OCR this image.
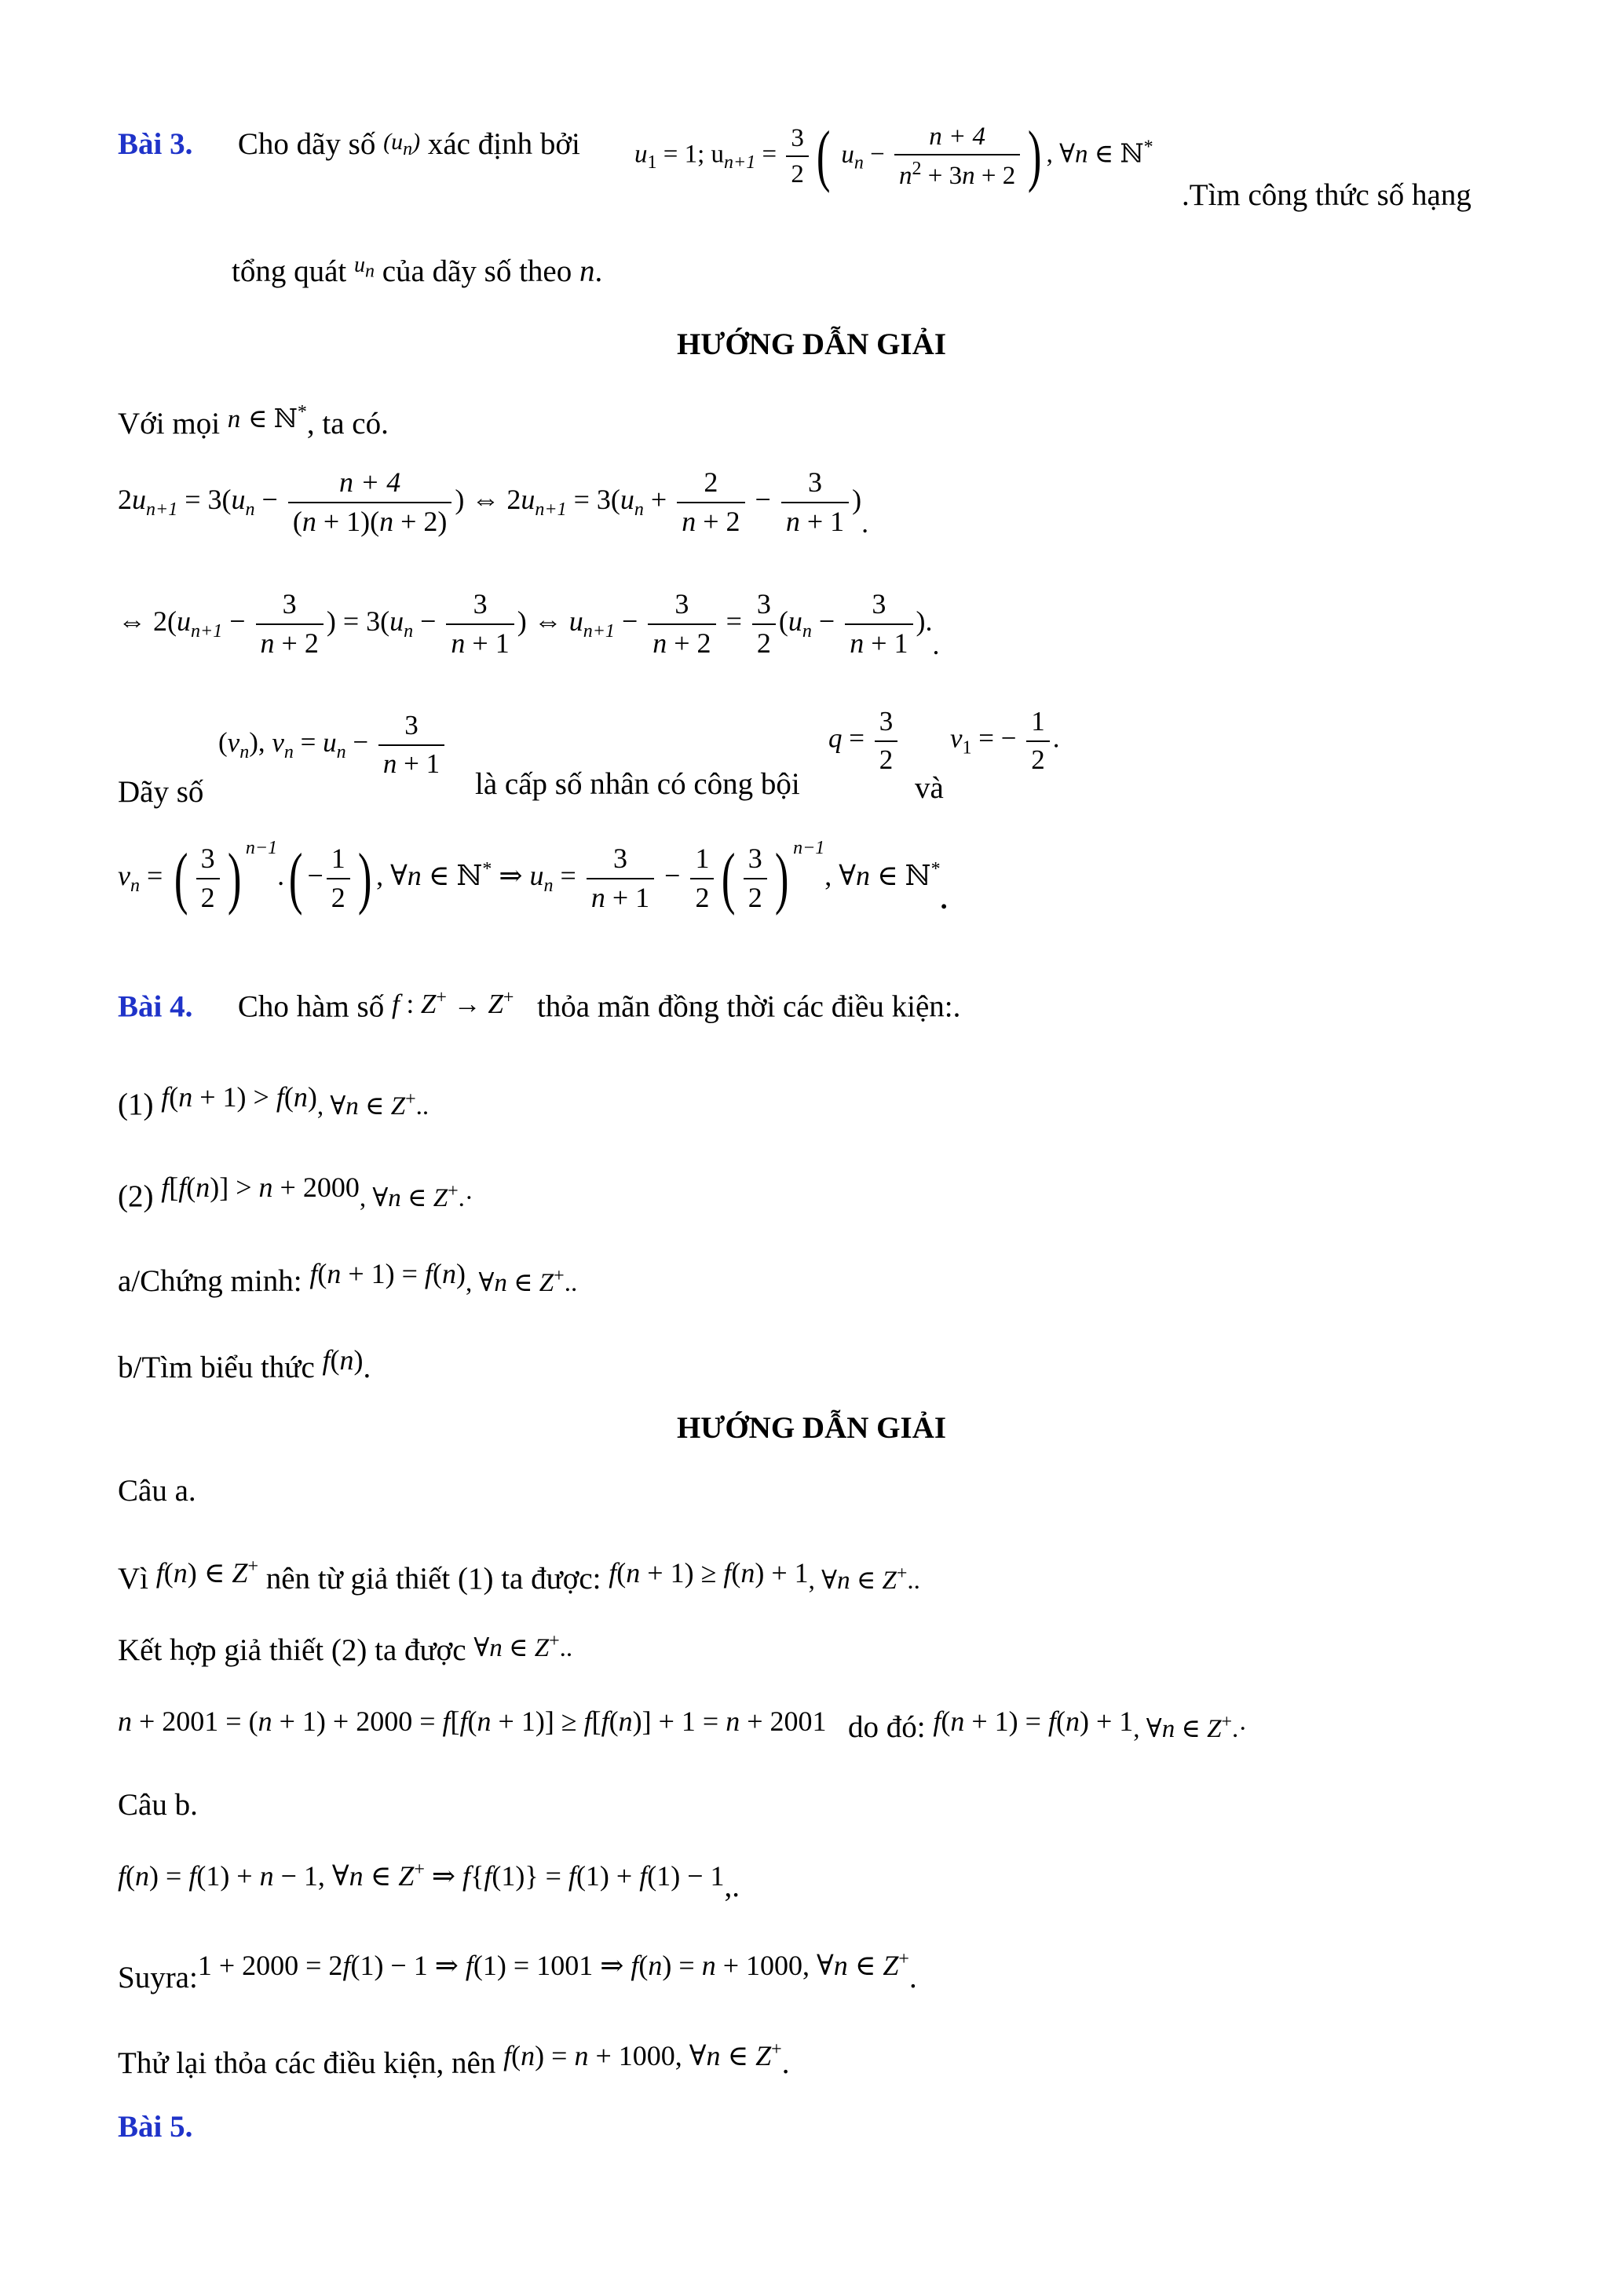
Bài 3. Cho dãy số $(u_n)$ xác định bởi $u_1 = 1$; $u_{n+1} = \frac{3}{2}$ ( $u_n - \frac{n + 4}{n^2 + 3n + 2}$ ) , ∀n ∈ ℕ*
.Tìm công thức số hạng
tổng quát $^{u_n}$ của dãy số theo n.
HƯỚNG DẪN GIẢI
Với mọi $^n$ $^{\in ℕ^*}$, ta có.
$2u_{n+1} = 3(u_n - \frac{n + 4}{(n + 1)(n + 2)}$ ) ⇔ $2u_{n+1} = 3(u_n + \frac{2}{n + 2} - \frac{3}{n + 1}$ ).
⇔ $2(u_{n+1} - \frac{3}{n + 2}$ ) = $3(u_n - \frac{3}{n + 1}$ ) ⇔ $u_{n+1} - \frac{3}{n + 2} = \frac{3}{2} (u_n - \frac{3}{n + 1}$ )..
Dãy số
$(v_n)$, $v_n = u_n - \frac{3}{n + 1}$
là cấp số nhân có công bội
$q = \frac{3}{2}$
và
$v_1$ = − $\frac{1}{2}$ .
$v_n$ = ( $\frac{3}{2}$ ) $^{n-1}.( - \frac{1}{2}$ ) , ∀n ∈ ℕ* ⇒ $u_n = \frac{3}{n + 1} - \frac{1}{2}$ ( $\frac{3}{2}$ ) $^{n-1}$, ∀n ∈ ℕ*.
Bài 4. Cho hàm số f : Z+ → Z+ thỏa mãn đồng thời các điều kiện:.
(1) f(n + 1) > f(n), ∀n ∈ Z+..
(2) f[f(n)] > n + 2000, ∀n ∈ Z+.·
a/Chứng minh: f(n + 1) = f(n), ∀n ∈ Z+..
b/Tìm biểu thức f(n).
HƯỚNG DẪN GIẢI
Câu a.
Vì f(n) ∈ Z+ nên từ giả thiết (1) ta được: f(n + 1) ≥ f(n) + 1, ∀n ∈ Z+..
Kết hợp giả thiết (2) ta được ∀n ∈ Z+..
n + 2001 = (n + 1) + 2000 = f[f(n + 1)] ≥ f[f(n)] + 1 = n + 2001 do đó: f(n + 1) = f(n) + 1, ∀n ∈ Z+.·
Câu b.
f(n) = f(1) + n − 1, ∀n ∈ Z+ ⇒ f{f(1)} = f(1) + f(1) − 1,.
Suyra:1 + 2000 = 2f(1) − 1 ⇒ f(1) = 1001 ⇒ f(n) = n + 1000, ∀n ∈ Z+.
Thử lại thỏa các điều kiện, nên f(n) = n + 1000, ∀n ∈ Z+.
Bài 5.
